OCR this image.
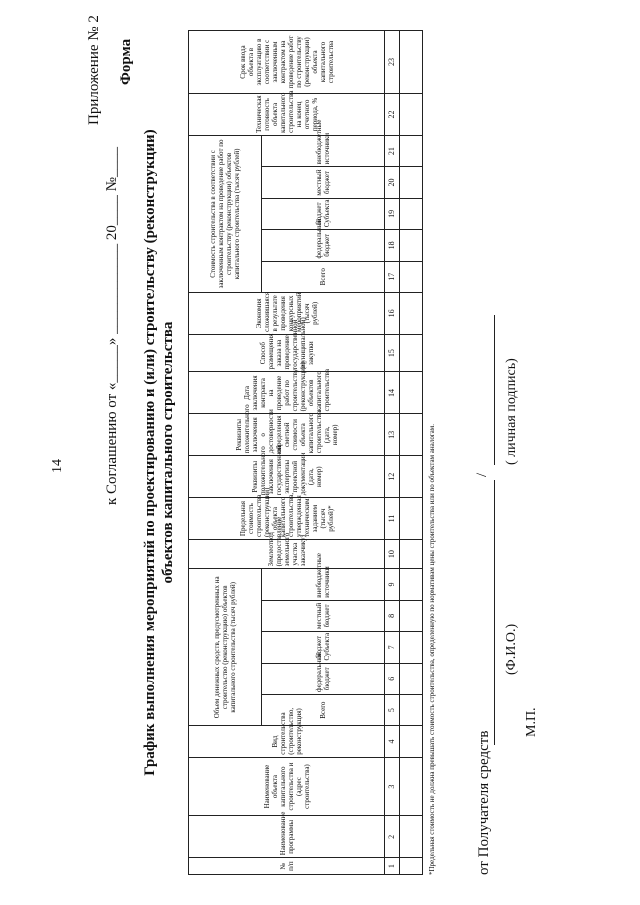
14
Приложение № 2
к Соглашению от «_____» ____________ 20____ №____
Форма
График выполнения мероприятий по проектированию и (или) строительству (реконструкции) объектов капитального строительства
№ п/п	Наименование программы	Наименование объекта капитального строительства и (адрес строительства)	Вид строительства (строительство, реконструкция)	Объем денежных средств, предусмотренных на строительство (реконструкцию) объектов капитального строительства (тысяч рублей)					Землеотвод (предоставление земельного участка заказчику)	Предельная стоимость строительства (реконструкции) объекта капитального строительства, утвержденная техническим заданием (тысяч рублей)*	Реквизиты положительного заключения государственной экспертизы проектной документации (дата, номер)	Реквизиты положительного заключения о достоверности определения сметной стоимости объекта капитального строительства (дата, номер)	Дата заключения контракта на проведение работ по строительству (реконструкции) объектов капитального строительства	Способ размещения заказа на проведение государственной (муниципальной) закупки	Экономия сложившаяся в результате проведения конкурсных мероприятий (тысяч рублей)	Стоимость строительства в соответствии с заключенным контрактом на проведение работ по строительству (реконструкции) объектов капитального строительства (тысяч рублей)					Техническая готовность объекта капитального строительства на конец отчетного периода, %	Срок ввода объекта в эксплуатацию в соответствии с заключенным контрактом на проведение работ по строительству (реконструкции) объекта капитального строительства
				Всего	федеральный бюджет	бюджет Субъекта	местный бюджет	внебюджетные источники								Всего	федеральный бюджет	бюджет Субъекта	местный бюджет	внебюджетные источники		
1	2	3	4	5	6	7	8	9	10	11	12	13	14	15	16	17	18	19	20	21	22	23

*Предельная стоимость не должна превышать стоимость строительства, определенную по нормативам цены строительства или по объектам аналогам.	от Получателя средств
/
(Ф.И.О.)
( личная подпись)
М.П.
